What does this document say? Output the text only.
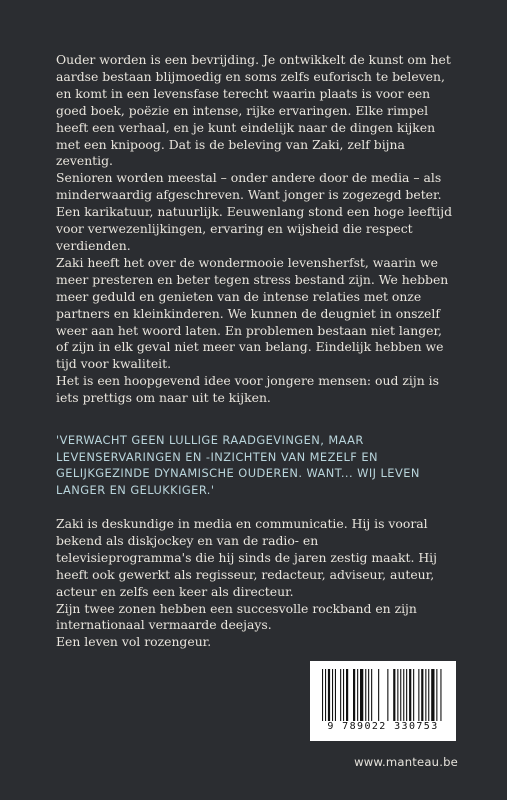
Ouder worden is een bevrijding. Je ontwikkelt de kunst om het aardse bestaan blijmoedig en soms zelfs euforisch te beleven, en komt in een levensfase terecht waarin plaats is voor een goed boek, poëzie en intense, rijke ervaringen. Elke rimpel heeft een verhaal, en je kunt eindelijk naar de dingen kijken met een knipoog. Dat is de beleving van Zaki, zelf bijna zeventig.

Senioren worden meestal – onder andere door de media – als minderwaardig afgeschreven. Want jonger is zogezegd beter. Een karikatuur, natuurlijk. Eeuwenlang stond een hoge leeftijd voor verwezenlijkingen, ervaring en wijsheid die respect verdienden.

Zaki heeft het over de wondermooie levensherfst, waarin we meer presteren en beter tegen stress bestand zijn. We hebben meer geduld en genieten van de intense relaties met onze partners en kleinkinderen. We kunnen de deugniet in onszelf weer aan het woord laten. En problemen bestaan niet langer, of zijn in elk geval niet meer van belang. Eindelijk hebben we tijd voor kwaliteit.

Het is een hoopgevend idee voor jongere mensen: oud zijn is iets prettigs om naar uit te kijken.

'VERWACHT GEEN LULLIGE RAADGEVINGEN, MAAR LEVENSERVARINGEN EN -INZICHTEN VAN MEZELF EN GELIJKGEZINDE DYNAMISCHE OUDEREN. WANT... WIJ LEVEN LANGER EN GELUKKIGER.'

Zaki is deskundige in media en communicatie. Hij is vooral bekend als diskjockey en van de radio- en televisieprogramma's die hij sinds de jaren zestig maakt. Hij heeft ook gewerkt als regisseur, redacteur, adviseur, auteur, acteur en zelfs een keer als directeur.

Zijn twee zonen hebben een succesvolle rockband en zijn internationaal vermaarde deejays.

Een leven vol rozengeur.

9 789022 330753
www.manteau.be
